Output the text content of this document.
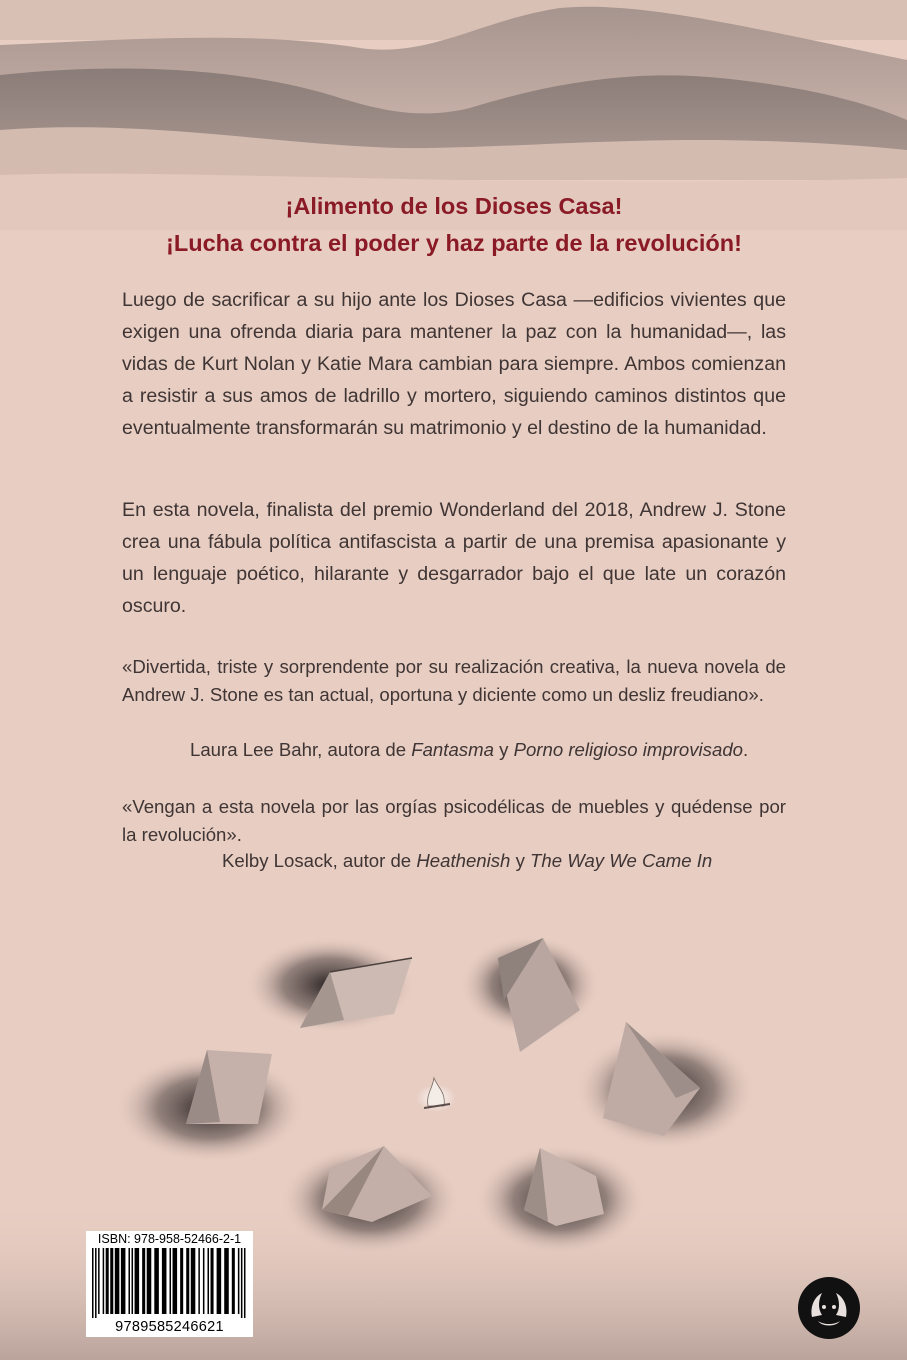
¡Alimento de los Dioses Casa!
¡Lucha contra el poder y haz parte de la revolución!

Luego de sacrificar a su hijo ante los Dioses Casa —edificios vivientes que exigen una ofrenda diaria para mantener la paz con la humanidad—, las vidas de Kurt Nolan y Katie Mara cambian para siempre. Ambos comienzan a resistir a sus amos de ladrillo y mortero, siguiendo caminos distintos que eventualmente transformarán su matrimonio y el destino de la humanidad.

En esta novela, finalista del premio Wonderland del 2018, Andrew J. Stone crea una fábula política antifascista a partir de una premisa apasionante y un lenguaje poético, hilarante y desgarrador bajo el que late un corazón oscuro.

«Divertida, triste y sorprendente por su realización creativa, la nueva novela de Andrew J. Stone es tan actual, oportuna y diciente como un desliz freudiano».

Laura Lee Bahr, autora de Fantasma y Porno religioso improvisado.

«Vengan a esta novela por las orgías psicodélicas de muebles y quédense por la revolución».

Kelby Losack, autor de Heathenish y The Way We Came In
ISBN: 978-958-52466-2-1
9789585246621
